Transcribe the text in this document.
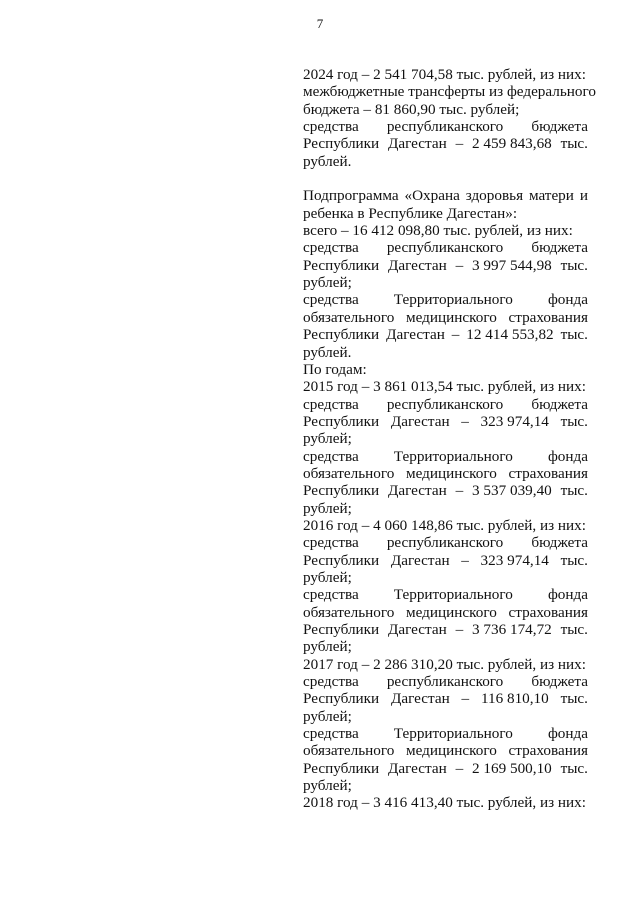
7
2024 год – 2 541 704,58 тыс. рублей, из них:
межбюджетные трансферты из федерального
бюджета – 81 860,90 тыс. рублей;
средства республиканского бюджета
Республики Дагестан – 2 459 843,68 тыс.
рублей.
Подпрограмма «Охрана здоровья матери и
ребенка в Республике Дагестан»:
всего – 16 412 098,80 тыс. рублей, из них:
средства республиканского бюджета
Республики Дагестан – 3 997 544,98 тыс.
рублей;
средства Территориального фонда
обязательного медицинского страхования
Республики Дагестан – 12 414 553,82 тыс.
рублей.
По годам:
2015 год – 3 861 013,54 тыс. рублей, из них:
средства республиканского бюджета
Республики Дагестан – 323 974,14 тыс.
рублей;
средства Территориального фонда
обязательного медицинского страхования
Республики Дагестан – 3 537 039,40 тыс.
рублей;
2016 год – 4 060 148,86 тыс. рублей, из них:
средства республиканского бюджета
Республики Дагестан – 323 974,14 тыс.
рублей;
средства Территориального фонда
обязательного медицинского страхования
Республики Дагестан – 3 736 174,72 тыс.
рублей;
2017 год – 2 286 310,20 тыс. рублей, из них:
средства республиканского бюджета
Республики Дагестан – 116 810,10 тыс.
рублей;
средства Территориального фонда
обязательного медицинского страхования
Республики Дагестан – 2 169 500,10 тыс.
рублей;
2018 год – 3 416 413,40 тыс. рублей, из них:
